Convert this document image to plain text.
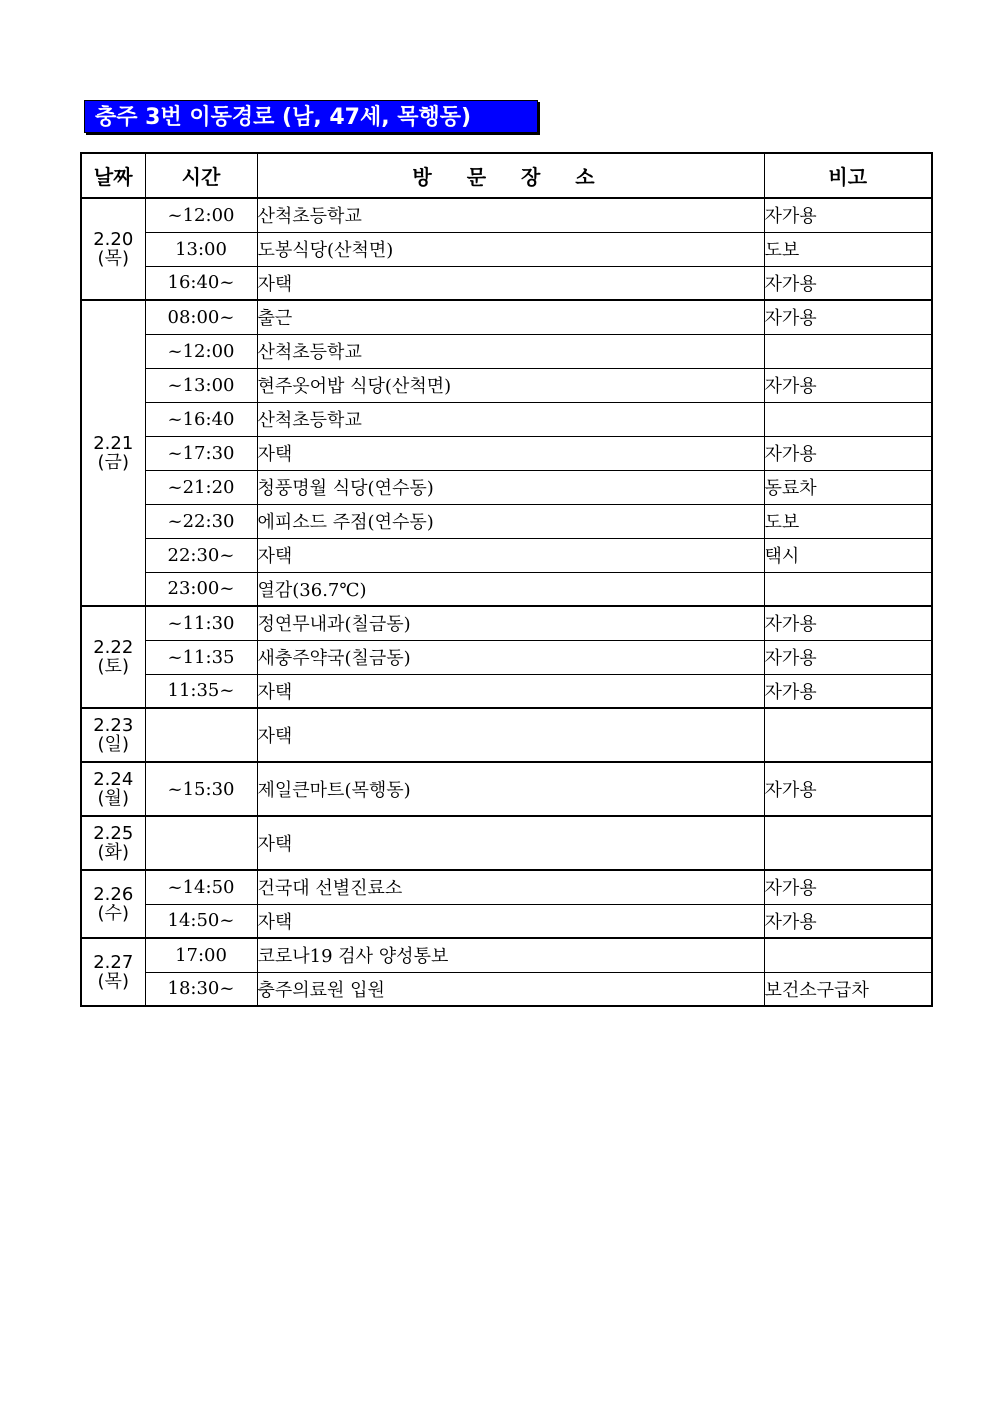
충주 3번 이동경로 (남, 47세, 목행동)
날짜	시간	방 문 장 소	비고

2.20
(목)	~12:00	산척초등학교	자가용
	13:00	도봉식당(산척면)	도보
	16:40~	자택	자가용

2.21
(금)	08:00~	출근	자가용
	~12:00	산척초등학교	
	~13:00	현주옷어밥 식당(산척면)	자가용
	~16:40	산척초등학교	
	~17:30	자택	자가용
	~21:20	청풍명월 식당(연수동)	동료차
	~22:30	에피소드 주점(연수동)	도보
	22:30~	자택	택시
	23:00~	열감(36.7℃)	

2.22
(토)	~11:30	정연무내과(칠금동)	자가용
	~11:35	새충주약국(칠금동)	자가용
	11:35~	자택	자가용

2.23
(일)		자택	

2.24
(월)	~15:30	제일큰마트(목행동)	자가용

2.25
(화)		자택	

2.26
(수)	~14:50	건국대 선별진료소	자가용
	14:50~	자택	자가용

2.27
(목)	17:00	코로나19 검사 양성통보	
	18:30~	충주의료원 입원	보건소구급차
